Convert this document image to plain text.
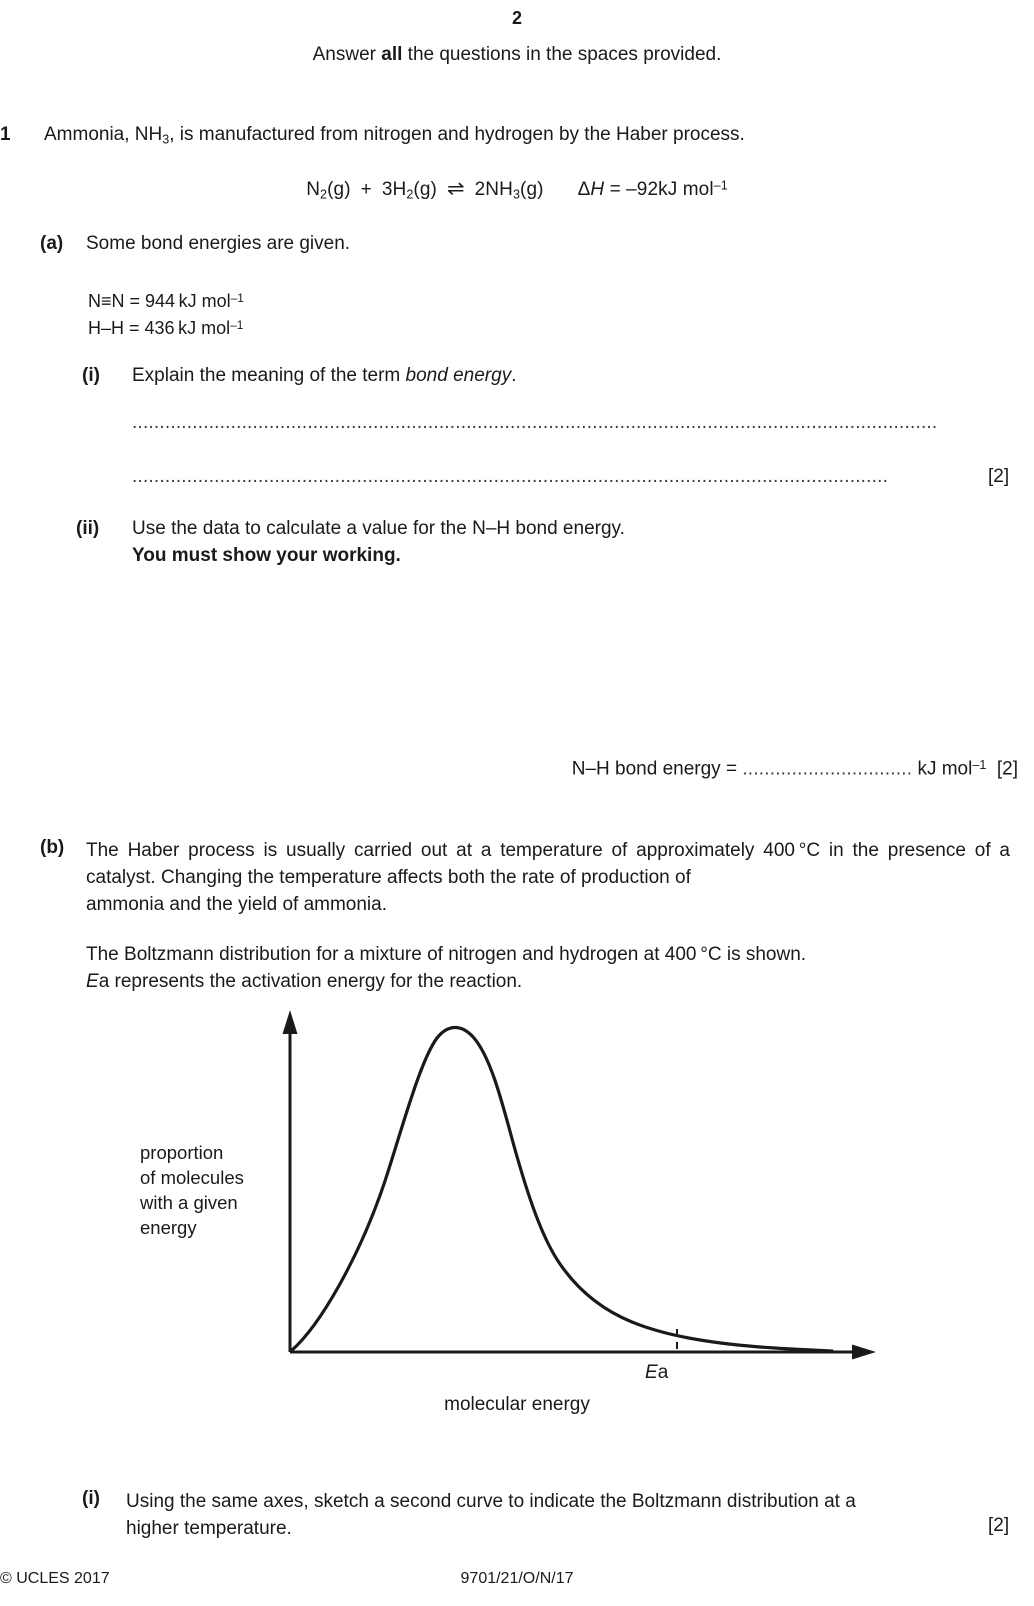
2
Answer all the questions in the spaces provided.
1	Ammonia, $NH_3$, is manufactured from nitrogen and hydrogen by the Haber process.
$N_2(g) + 3H_2(g)$ ⇌ $2NH_3(g) \Delta H = -92kJ$ mol$^{-1}$
(a) Some bond energies are given.
N≡N = 944  kJ mol$^{-1}$
H–H = 436  kJ mol$^{-1}$
(i) Explain the meaning of the term bond energy.
...................................................................................................................................................
..........................................................................................................................................	[2]
(ii) Use the data to calculate a value for the N–H bond energy.
You must show your working.
N–H bond energy = ............................... kJ mol$^{-1}$ [2]
(b) The Haber process is usually carried out at a temperature of approximately 400 °C in the presence of a catalyst. Changing the temperature affects both the rate of production of
ammonia and the yield of ammonia.
The Boltzmann distribution for a mixture of nitrogen and hydrogen at 400 °C is shown.
Ea represents the activation energy for the reaction.
proportion
of molecules
with a given
energy
Ea
molecular energy
(i) Using the same axes, sketch a second curve to indicate the Boltzmann distribution at a
higher temperature.	[2]
© UCLES 2017	9701/21/O/N/17
